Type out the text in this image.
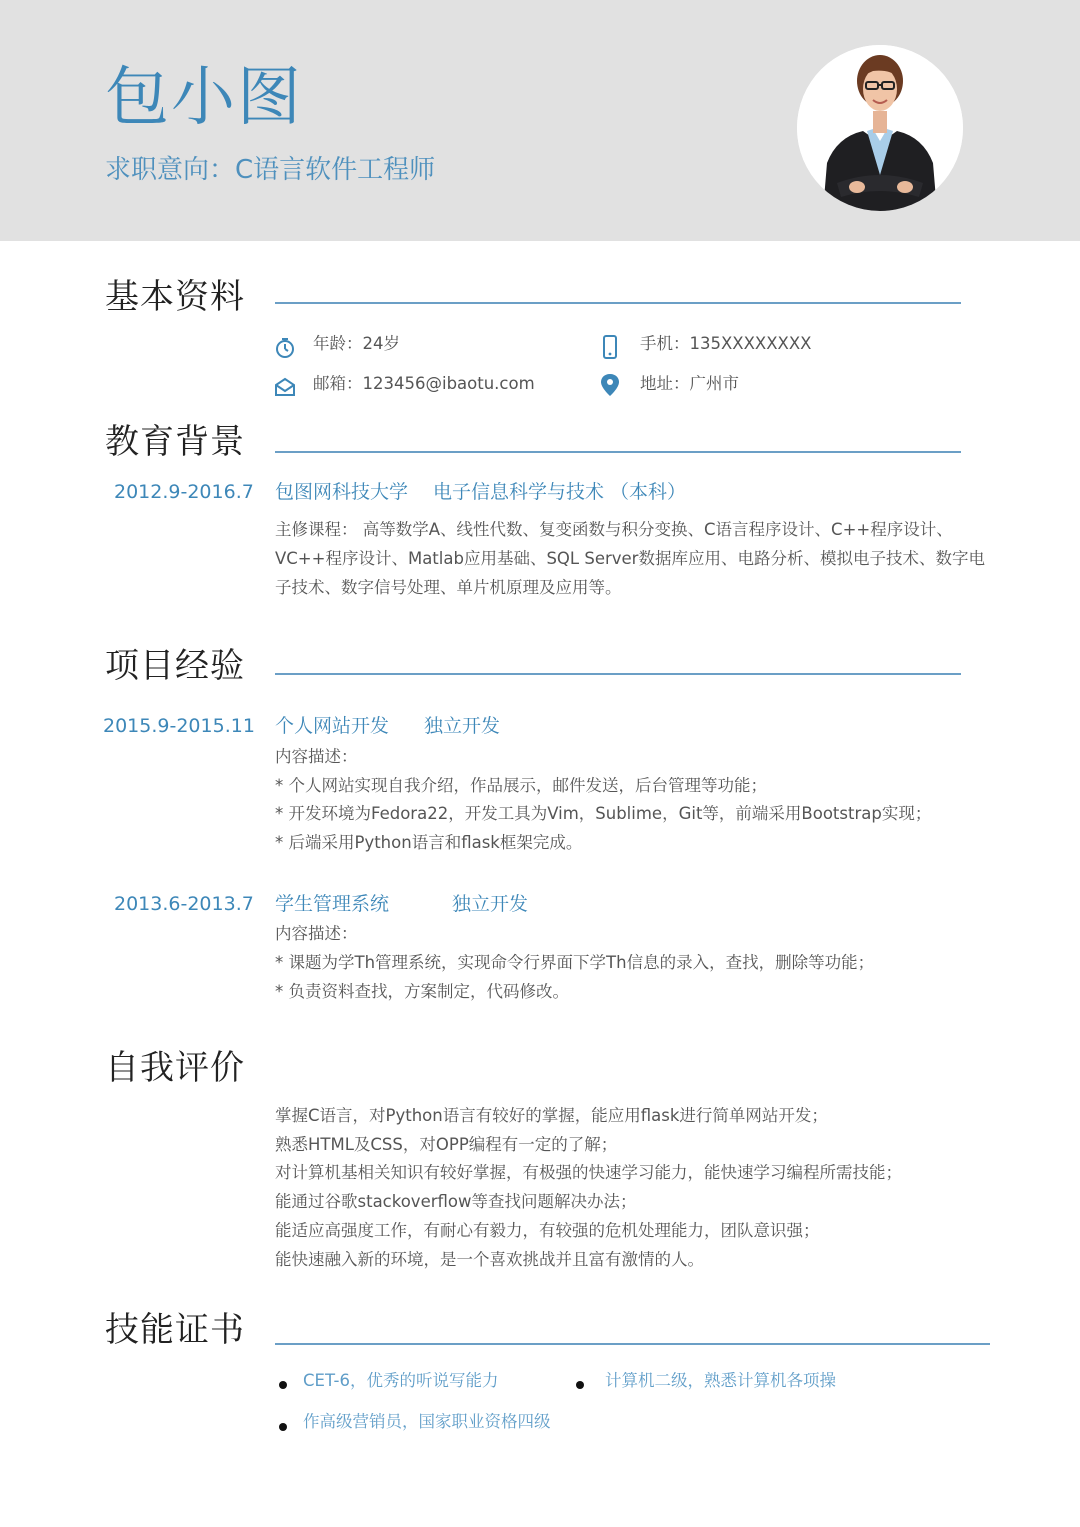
包小图
求职意向：C语言软件工程师
基本资料
年龄：24岁	手机：135XXXXXXXX
邮箱：123456@ibaotu.com	地址：广州市
教育背景
2012.9-2016.7 包图网科技大学 电子信息科学与技术 （本科）
主修课程： 高等数学A、线性代数、复变函数与积分变换、C语言程序设计、C++程序设计、
VC++程序设计、Matlab应用基础、SQL Server数据库应用、电路分析、模拟电子技术、数字电
子技术、数字信号处理、单片机原理及应用等。
项目经验
2015.9-2015.11 个人网站开发 独立开发
内容描述：
* 个人网站实现自我介绍，作品展示，邮件发送，后台管理等功能；
* 开发环境为Fedora22，开发工具为Vim，Sublime，Git等，前端采用Bootstrap实现；
* 后端采用Python语言和flask框架完成。
2013.6-2013.7 学生管理系统	独立开发
内容描述：
* 课题为学Th管理系统，实现命令行界面下学Th信息的录入，查找，删除等功能；
* 负责资料查找，方案制定，代码修改。
自我评价
掌握C语言，对Python语言有较好的掌握，能应用flask进行简单网站开发；
熟悉HTML及CSS，对OPP编程有一定的了解；
对计算机基相关知识有较好掌握，有极强的快速学习能力，能快速学习编程所需技能；
能通过谷歌stackoverflow等查找问题解决办法；
能适应高强度工作，有耐心有毅力，有较强的危机处理能力，团队意识强；
能快速融入新的环境，是一个喜欢挑战并且富有激情的人。
技能证书
CET-6，优秀的听说写能力	计算机二级，熟悉计算机各项操
作高级营销员，国家职业资格四级
